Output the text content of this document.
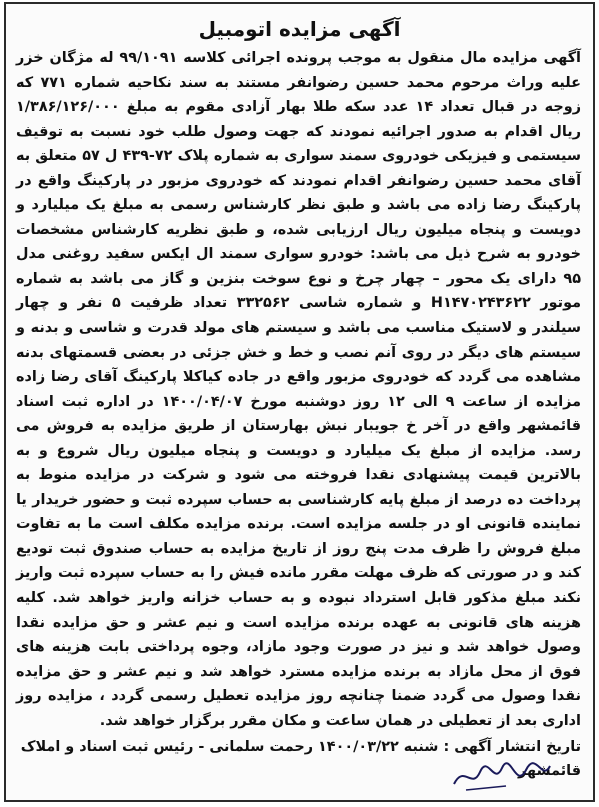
آگهی مزایده اتومبیل

آگهی مزایده مال منقول به موجب پرونده اجرائی کلاسه ۹۹/۱۰۹۱ له مژگان خزر علیه وراث مرحوم محمد حسین رضوانفر مستند به سند نکاحیه شماره ۷۷۱ که زوجه در قبال تعداد ۱۴ عدد سکه طلا بهار آزادی مقوم به مبلغ ۱/۳۸۶/۱۲۶/۰۰۰ ریال اقدام به صدور اجرائیه نمودند که جهت وصول طلب خود نسبت به توقیف سیستمی و فیزیکی خودروی سمند سواری به شماره پلاک ۷۲-۴۳۹ ل ۵۷ متعلق به آقای محمد حسین رضوانفر اقدام نمودند که خودروی مزبور در پارکینگ واقع در پارکینگ رضا زاده می باشد و طبق نظر کارشناس رسمی به مبلغ یک میلیارد و دویست و پنجاه میلیون ریال ارزیابی شده، و طبق نظریه کارشناس مشخصات خودرو به شرح ذیل می باشد: خودرو سواری سمند ال ایکس سفید روغنی مدل ۹۵ دارای یک محور – چهار چرخ و نوع سوخت بنزین و گاز می باشد به شماره موتور H۱۴۷۰۲۴۳۶۲۲ و شماره شاسی ۳۳۲۵۶۲ تعداد ظرفیت ۵ نفر و چهار سیلندر و لاستیک مناسب می باشد و سیستم های مولد قدرت و شاسی و بدنه و سیستم های دیگر در روی آنم نصب و خط و خش جزئی در بعضی قسمتهای بدنه مشاهده می گردد که خودروی مزبور واقع در جاده کیاکلا پارکینگ آقای رضا زاده مزایده از ساعت ۹ الی ۱۲ روز دوشنبه مورخ ۱۴۰۰/۰۴/۰۷ در اداره ثبت اسناد قائمشهر واقع در آخر خ جویبار نبش بهارستان از طریق مزایده به فروش می رسد. مزایده از مبلغ یک میلیارد و دویست و پنجاه میلیون ریال شروع و به بالاترین قیمت پیشنهادی نقدا فروخته می شود و شرکت در مزایده منوط به پرداخت ده درصد از مبلغ پایه کارشناسی به حساب سپرده ثبت و حضور خریدار یا نماینده قانونی او در جلسه مزایده است. برنده مزایده مکلف است ما به تفاوت مبلغ فروش را ظرف مدت پنج روز از تاریخ مزایده به حساب صندوق ثبت تودیع کند و در صورتی که ظرف مهلت مقرر مانده فیش را به حساب سپرده ثبت واریز نکند مبلغ مذکور قابل استرداد نبوده و به حساب خزانه واریز خواهد شد. کلیه هزینه های قانونی به عهده برنده مزایده است و نیم عشر و حق مزایده نقدا وصول خواهد شد و نیز در صورت وجود مازاد، وجوه پرداختی بابت هزینه های فوق از محل مازاد به برنده مزایده مسترد خواهد شد و نیم عشر و حق مزایده نقدا وصول می گردد ضمنا چنانچه روز مزایده تعطیل رسمی گردد ، مزایده روز اداری بعد از تعطیلی در همان ساعت و مکان مقرر برگزار خواهد شد.

تاریخ انتشار آگهی : شنبه ۱۴۰۰/۰۳/۲۲ رحمت سلمانی - رئیس ثبت اسناد و املاک
قائمشهر
